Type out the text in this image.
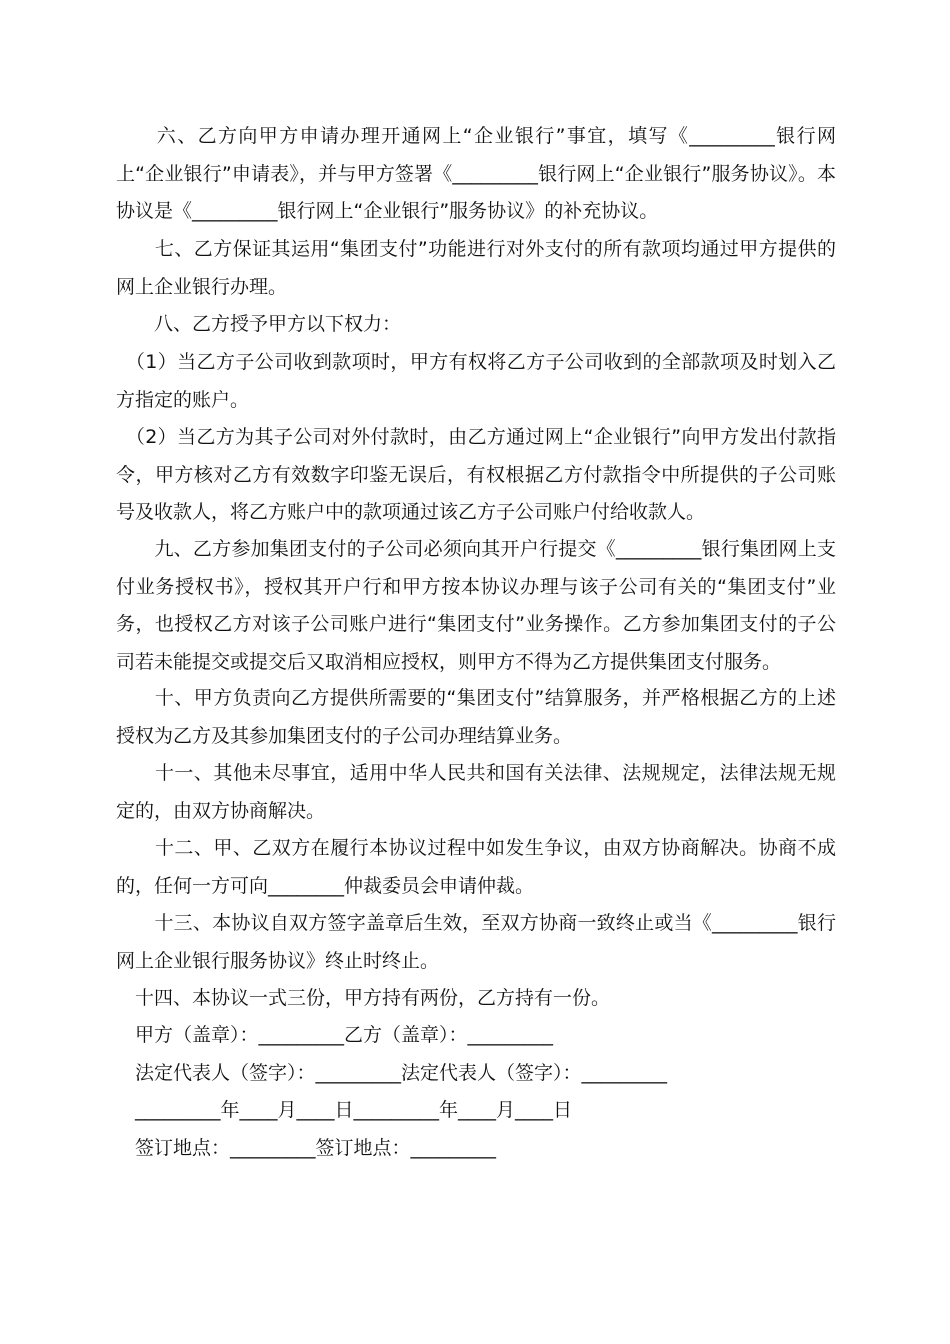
　　六、乙方向甲方申请办理开通网上“企业银行”事宜，填写《_________银行网上“企业银行”申请表》，并与甲方签署《_________银行网上“企业银行”服务协议》。本协议是《_________银行网上“企业银行”服务协议》的补充协议。

　　七、乙方保证其运用“集团支付”功能进行对外支付的所有款项均通过甲方提供的网上企业银行办理。

　　八、乙方授予甲方以下权力：

　（1）当乙方子公司收到款项时，甲方有权将乙方子公司收到的全部款项及时划入乙方指定的账户。

　（2）当乙方为其子公司对外付款时，由乙方通过网上“企业银行”向甲方发出付款指令，甲方核对乙方有效数字印鉴无误后，有权根据乙方付款指令中所提供的子公司账号及收款人，将乙方账户中的款项通过该乙方子公司账户付给收款人。

　　九、乙方参加集团支付的子公司必须向其开户行提交《_________银行集团网上支付业务授权书》，授权其开户行和甲方按本协议办理与该子公司有关的“集团支付”业务，也授权乙方对该子公司账户进行“集团支付”业务操作。乙方参加集团支付的子公司若未能提交或提交后又取消相应授权，则甲方不得为乙方提供集团支付服务。

　　十、甲方负责向乙方提供所需要的“集团支付”结算服务，并严格根据乙方的上述授权为乙方及其参加集团支付的子公司办理结算业务。

　　十一、其他未尽事宜，适用中华人民共和国有关法律、法规规定，法律法规无规定的，由双方协商解决。

　　十二、甲、乙双方在履行本协议过程中如发生争议，由双方协商解决。协商不成的，任何一方可向________仲裁委员会申请仲裁。

　　十三、本协议自双方签字盖章后生效，至双方协商一致终止或当《_________银行网上企业银行服务协议》终止时终止。

十四、本协议一式三份，甲方持有两份，乙方持有一份。

甲方（盖章）：_________乙方（盖章）：_________

法定代表人（签字）：_________法定代表人（签字）：_________

_________年____月____日_________年____月____日

签订地点：_________签订地点：_________
